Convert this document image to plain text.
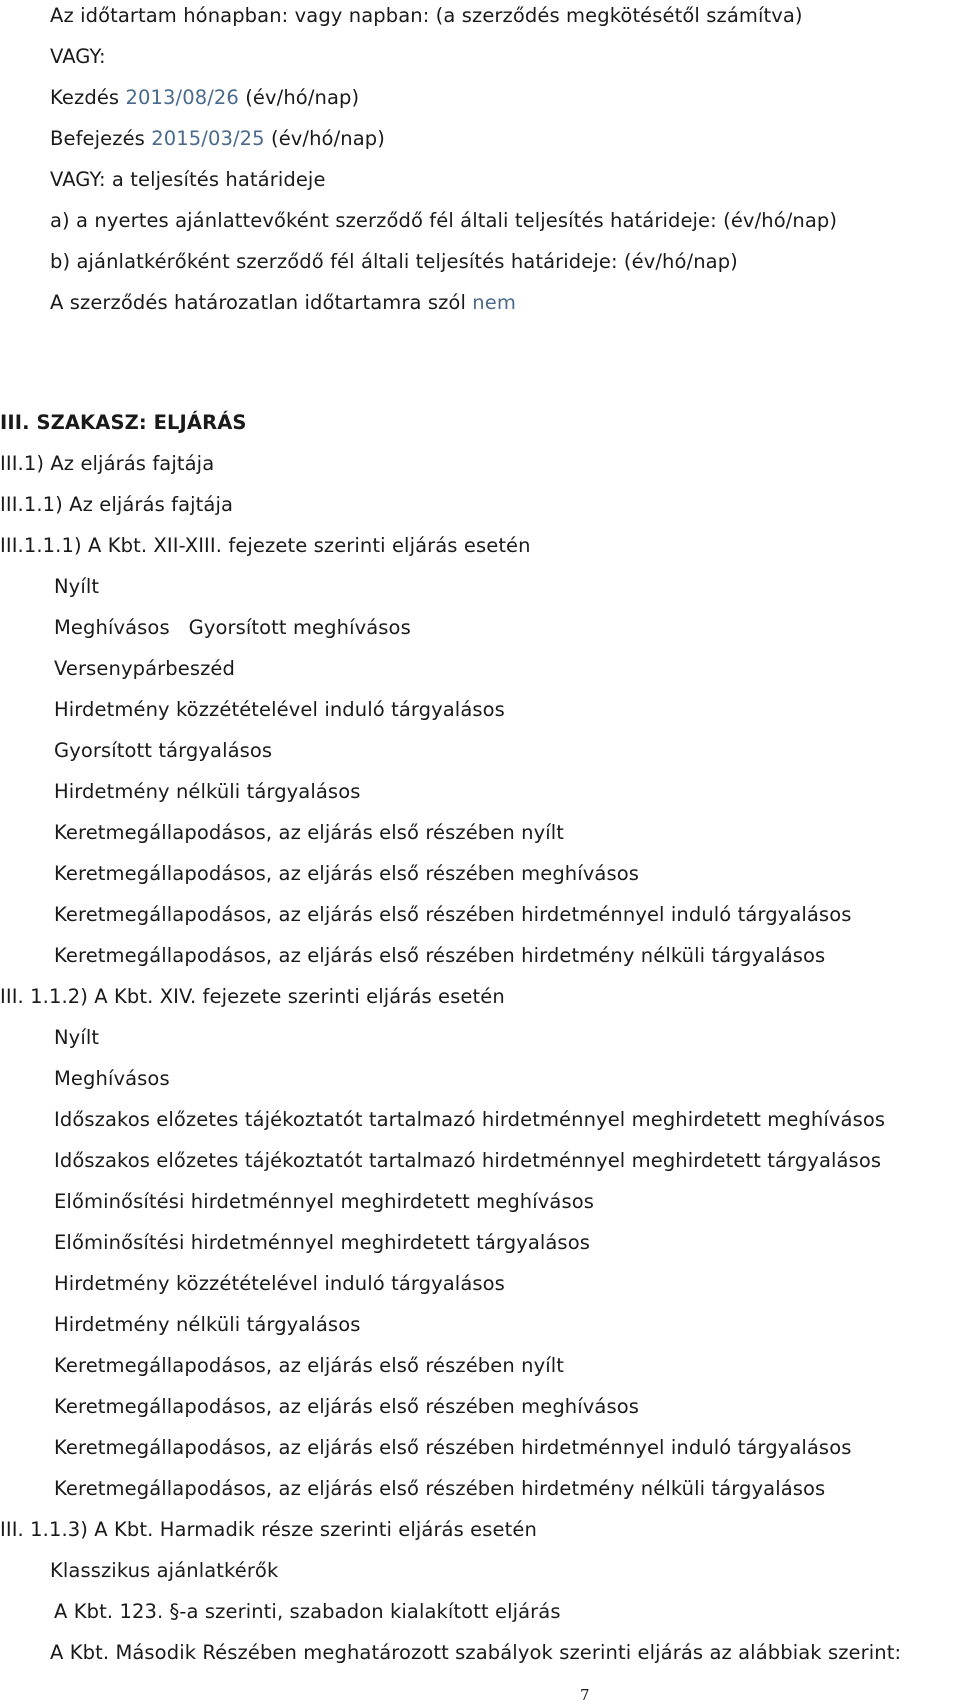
Az időtartam hónapban: vagy napban: (a szerződés megkötésétől számítva)
VAGY:
Kezdés 2013/08/26 (év/hó/nap)
Befejezés 2015/03/25 (év/hó/nap)
VAGY: a teljesítés határideje
a) a nyertes ajánlattevőként szerződő fél általi teljesítés határideje: (év/hó/nap)
b) ajánlatkérőként szerződő fél általi teljesítés határideje: (év/hó/nap)
A szerződés határozatlan időtartamra szól nem
III. SZAKASZ: ELJÁRÁS
III.1) Az eljárás fajtája
III.1.1) Az eljárás fajtája
III.1.1.1) A Kbt. XII-XIII. fejezete szerinti eljárás esetén
Nyílt
Meghívásos   Gyorsított meghívásos
Versenypárbeszéd
Hirdetmény közzétételével induló tárgyalásos
Gyorsított tárgyalásos
Hirdetmény nélküli tárgyalásos
Keretmegállapodásos, az eljárás első részében nyílt
Keretmegállapodásos, az eljárás első részében meghívásos
Keretmegállapodásos, az eljárás első részében hirdetménnyel induló tárgyalásos
Keretmegállapodásos, az eljárás első részében hirdetmény nélküli tárgyalásos
III. 1.1.2) A Kbt. XIV. fejezete szerinti eljárás esetén
Nyílt
Meghívásos
Időszakos előzetes tájékoztatót tartalmazó hirdetménnyel meghirdetett meghívásos
Időszakos előzetes tájékoztatót tartalmazó hirdetménnyel meghirdetett tárgyalásos
Előminősítési hirdetménnyel meghirdetett meghívásos
Előminősítési hirdetménnyel meghirdetett tárgyalásos
Hirdetmény közzétételével induló tárgyalásos
Hirdetmény nélküli tárgyalásos
Keretmegállapodásos, az eljárás első részében nyílt
Keretmegállapodásos, az eljárás első részében meghívásos
Keretmegállapodásos, az eljárás első részében hirdetménnyel induló tárgyalásos
Keretmegállapodásos, az eljárás első részében hirdetmény nélküli tárgyalásos
III. 1.1.3) A Kbt. Harmadik része szerinti eljárás esetén
Klasszikus ajánlatkérők
A Kbt. 123. §-a szerinti, szabadon kialakított eljárás
A Kbt. Második Részében meghatározott szabályok szerinti eljárás az alábbiak szerint:
7
